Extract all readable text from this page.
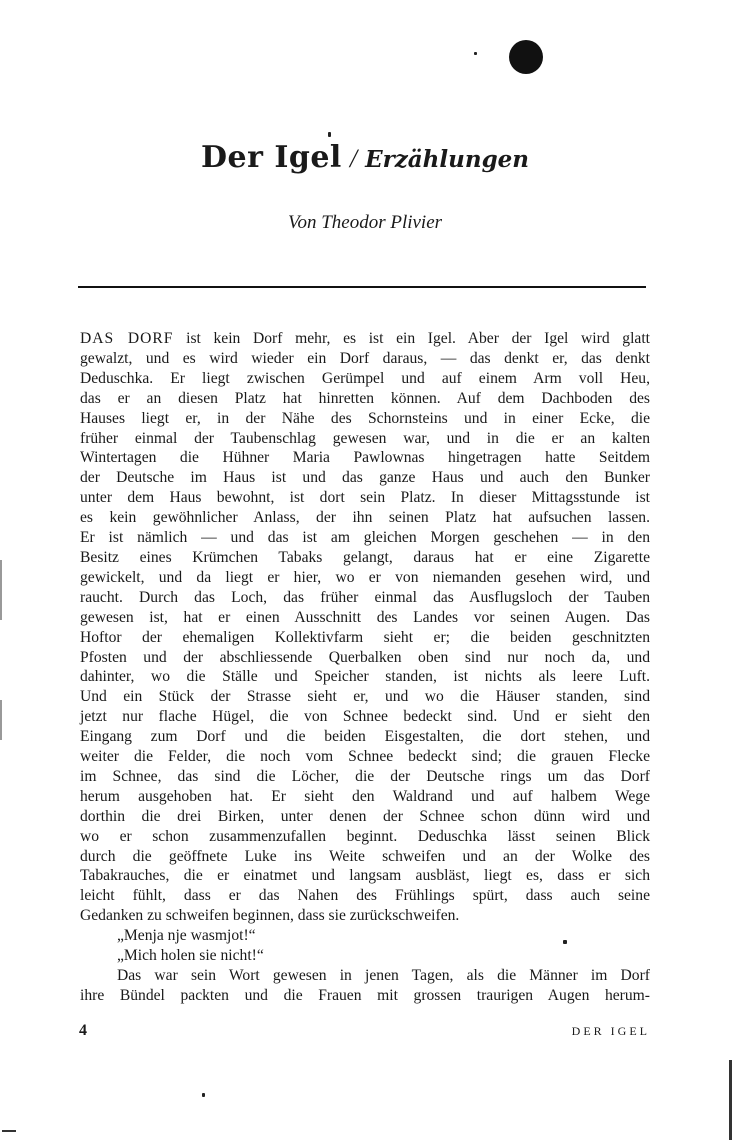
Der Igel / Erzählungen
Von Theodor Plivier
DAS DORF ist kein Dorf mehr, es ist ein Igel. Aber der Igel wird glatt
gewalzt, und es wird wieder ein Dorf daraus, — das denkt er, das denkt
Deduschka. Er liegt zwischen Gerümpel und auf einem Arm voll Heu,
das er an diesen Platz hat hinretten können. Auf dem Dachboden des
Hauses liegt er, in der Nähe des Schornsteins und in einer Ecke, die
früher einmal der Taubenschlag gewesen war, und in die er an kalten
Wintertagen die Hühner Maria Pawlownas hingetragen hatte Seitdem
der Deutsche im Haus ist und das ganze Haus und auch den Bunker
unter dem Haus bewohnt, ist dort sein Platz. In dieser Mittagsstunde ist
es kein gewöhnlicher Anlass, der ihn seinen Platz hat aufsuchen lassen.
Er ist nämlich — und das ist am gleichen Morgen geschehen — in den
Besitz eines Krümchen Tabaks gelangt, daraus hat er eine Zigarette
gewickelt, und da liegt er hier, wo er von niemanden gesehen wird, und
raucht. Durch das Loch, das früher einmal das Ausflugsloch der Tauben
gewesen ist, hat er einen Ausschnitt des Landes vor seinen Augen. Das
Hoftor der ehemaligen Kollektivfarm sieht er; die beiden geschnitzten
Pfosten und der abschliessende Querbalken oben sind nur noch da, und
dahinter, wo die Ställe und Speicher standen, ist nichts als leere Luft.
Und ein Stück der Strasse sieht er, und wo die Häuser standen, sind
jetzt nur flache Hügel, die von Schnee bedeckt sind. Und er sieht den
Eingang zum Dorf und die beiden Eisgestalten, die dort stehen, und
weiter die Felder, die noch vom Schnee bedeckt sind; die grauen Flecke
im Schnee, das sind die Löcher, die der Deutsche rings um das Dorf
herum ausgehoben hat. Er sieht den Waldrand und auf halbem Wege
dorthin die drei Birken, unter denen der Schnee schon dünn wird und
wo er schon zusammenzufallen beginnt. Deduschka lässt seinen Blick
durch die geöffnete Luke ins Weite schweifen und an der Wolke des
Tabakrauches, die er einatmet und langsam ausbläst, liegt es, dass er sich
leicht fühlt, dass er das Nahen des Frühlings spürt, dass auch seine
Gedanken zu schweifen beginnen, dass sie zurückschweifen.
„Menja nje wasmjot!“
„Mich holen sie nicht!“
Das war sein Wort gewesen in jenen Tagen, als die Männer im Dorf
ihre Bündel packten und die Frauen mit grossen traurigen Augen herum-
4	DER IGEL
